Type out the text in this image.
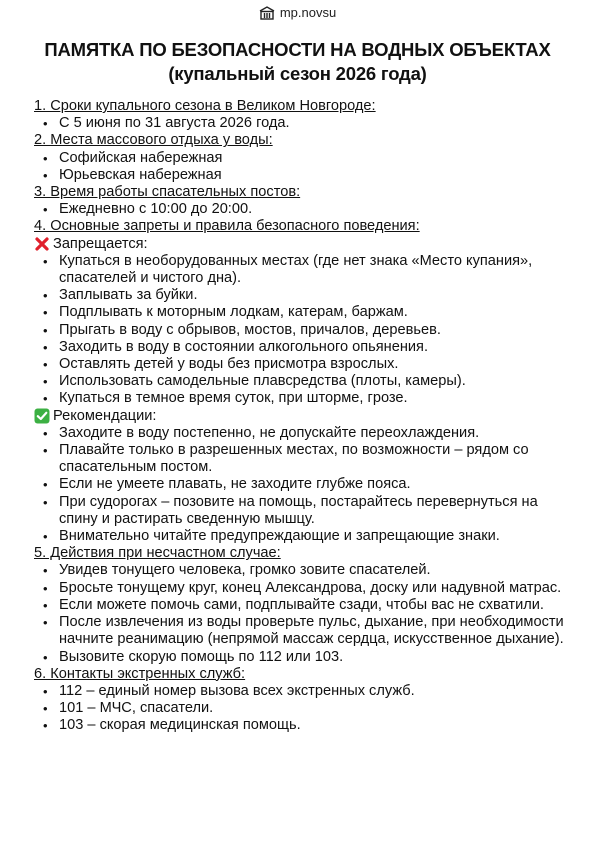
mp.novsu
ПАМЯТКА ПО БЕЗОПАСНОСТИ НА ВОДНЫХ ОБЪЕКТАХ
(купальный сезон 2026 года)

1. Сроки купального сезона в Великом Новгороде:

• С 5 июня по 31 августа 2026 года.

2. Места массового отдыха у воды:

• Софийская набережная
• Юрьевская набережная

3. Время работы спасательных постов:

• Ежедневно с 10:00 до 20:00.

4. Основные запреты и правила безопасного поведения:

Запрещается:
• Купаться в необорудованных местах (где нет знака «Место купания», спасателей и чистого дна).
• Заплывать за буйки.
• Подплывать к моторным лодкам, катерам, баржам.
• Прыгать в воду с обрывов, мостов, причалов, деревьев.
• Заходить в воду в состоянии алкогольного опьянения.
• Оставлять детей у воды без присмотра взрослых.
• Использовать самодельные плавсредства (плоты, камеры).
• Купаться в темное время суток, при шторме, грозе.
Рекомендации:
• Заходите в воду постепенно, не допускайте переохлаждения.
• Плавайте только в разрешенных местах, по возможности – рядом со спасательным постом.
• Если не умеете плавать, не заходите глубже пояса.
• При судорогах – позовите на помощь, постарайтесь перевернуться на спину и растирать сведенную мышцу.
• Внимательно читайте предупреждающие и запрещающие знаки.

5. Действия при несчастном случае:

• Увидев тонущего человека, громко зовите спасателей.
• Бросьте тонущему круг, конец Александрова, доску или надувной матрас.
• Если можете помочь сами, подплывайте сзади, чтобы вас не схватили.
• После извлечения из воды проверьте пульс, дыхание, при необходимости начните реанимацию (непрямой массаж сердца, искусственное дыхание).
• Вызовите скорую помощь по 112 или 103.

6. Контакты экстренных служб:

• 112 – единый номер вызова всех экстренных служб.
• 101 – МЧС, спасатели.
• 103 – скорая медицинская помощь.
